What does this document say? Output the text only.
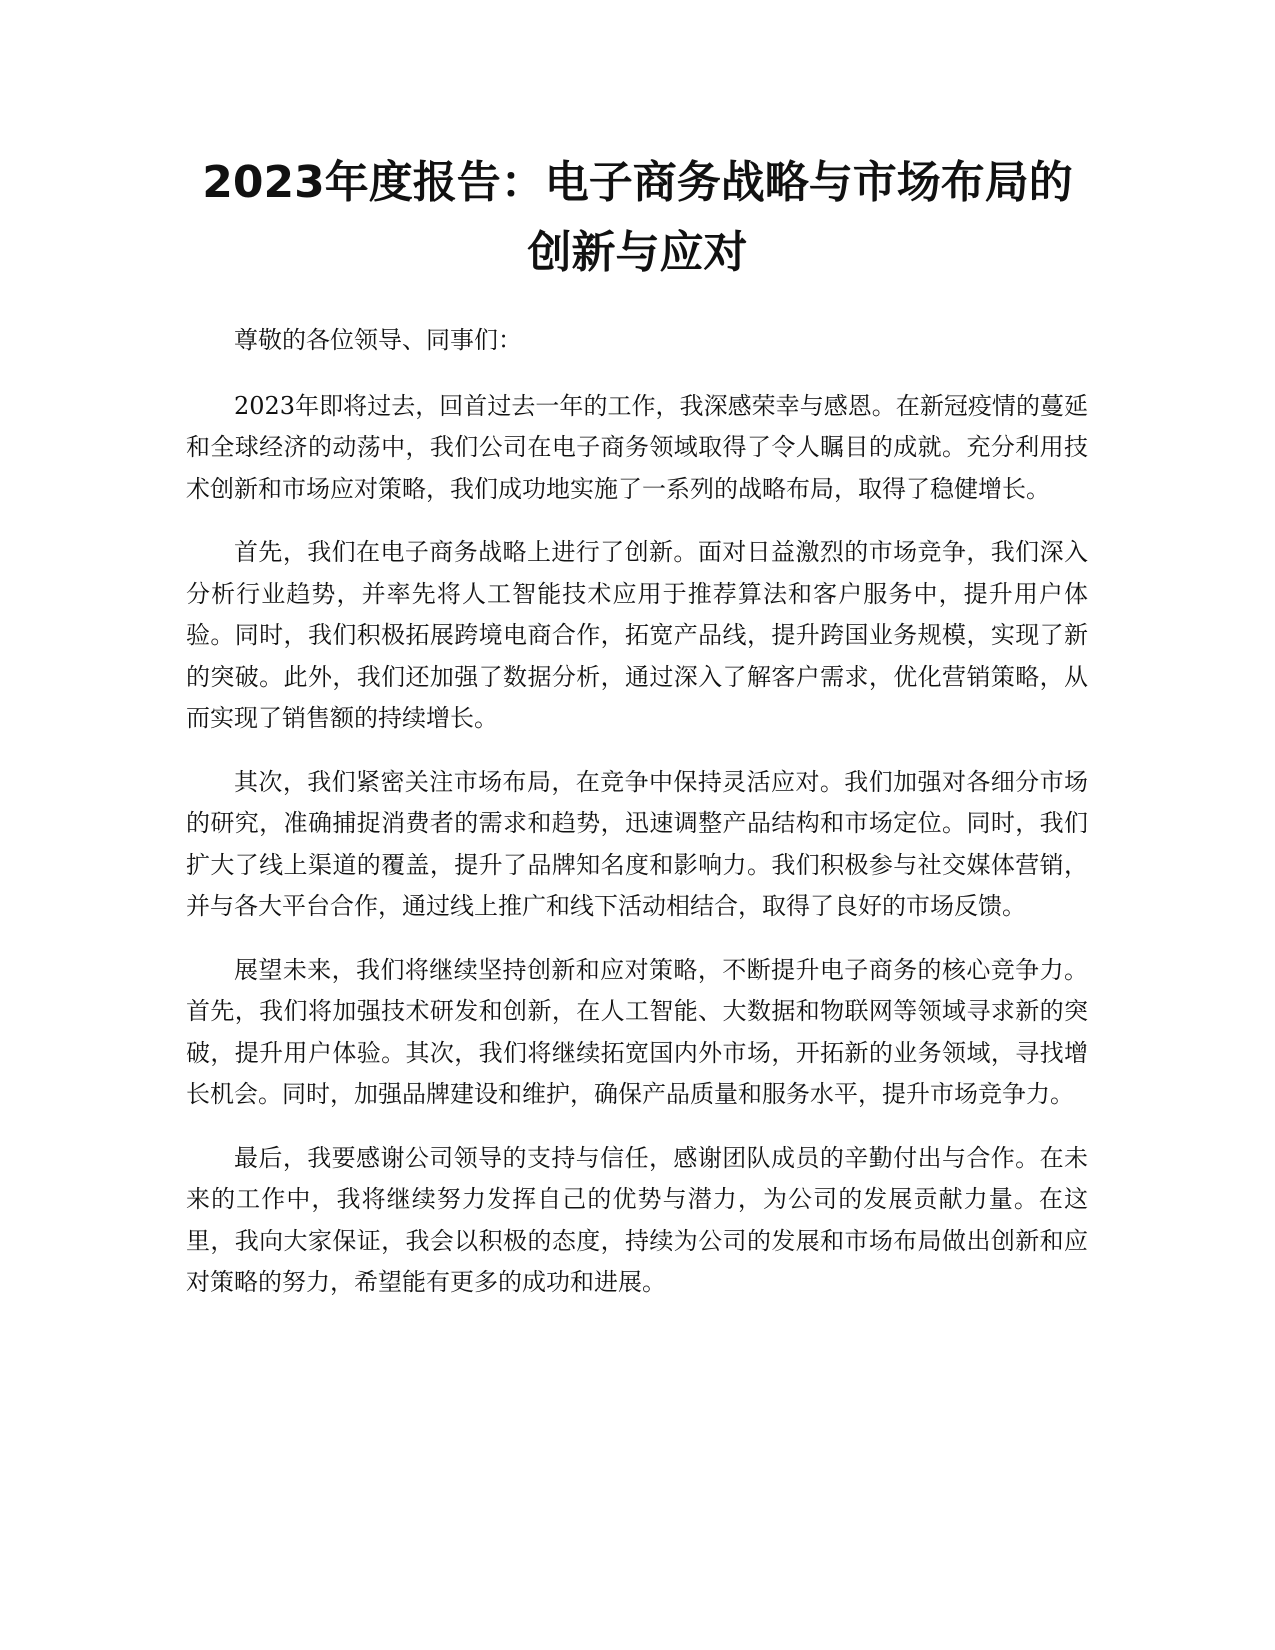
2023年度报告：电子商务战略与市场布局的
创新与应对

尊敬的各位领导、同事们：

2023年即将过去，回首过去一年的工作，我深感荣幸与感恩。在新冠疫情的蔓延和全球经济的动荡中，我们公司在电子商务领域取得了令人瞩目的成就。充分利用技术创新和市场应对策略，我们成功地实施了一系列的战略布局，取得了稳健增长。

首先，我们在电子商务战略上进行了创新。面对日益激烈的市场竞争，我们深入分析行业趋势，并率先将人工智能技术应用于推荐算法和客户服务中，提升用户体验。同时，我们积极拓展跨境电商合作，拓宽产品线，提升跨国业务规模，实现了新的突破。此外，我们还加强了数据分析，通过深入了解客户需求，优化营销策略，从而实现了销售额的持续增长。

其次，我们紧密关注市场布局，在竞争中保持灵活应对。我们加强对各细分市场的研究，准确捕捉消费者的需求和趋势，迅速调整产品结构和市场定位。同时，我们扩大了线上渠道的覆盖，提升了品牌知名度和影响力。我们积极参与社交媒体营销，并与各大平台合作，通过线上推广和线下活动相结合，取得了良好的市场反馈。

展望未来，我们将继续坚持创新和应对策略，不断提升电子商务的核心竞争力。首先，我们将加强技术研发和创新，在人工智能、大数据和物联网等领域寻求新的突破，提升用户体验。其次，我们将继续拓宽国内外市场，开拓新的业务领域，寻找增长机会。同时，加强品牌建设和维护，确保产品质量和服务水平，提升市场竞争力。

最后，我要感谢公司领导的支持与信任，感谢团队成员的辛勤付出与合作。在未来的工作中，我将继续努力发挥自己的优势与潜力，为公司的发展贡献力量。在这里，我向大家保证，我会以积极的态度，持续为公司的发展和市场布局做出创新和应对策略的努力，希望能有更多的成功和进展。
